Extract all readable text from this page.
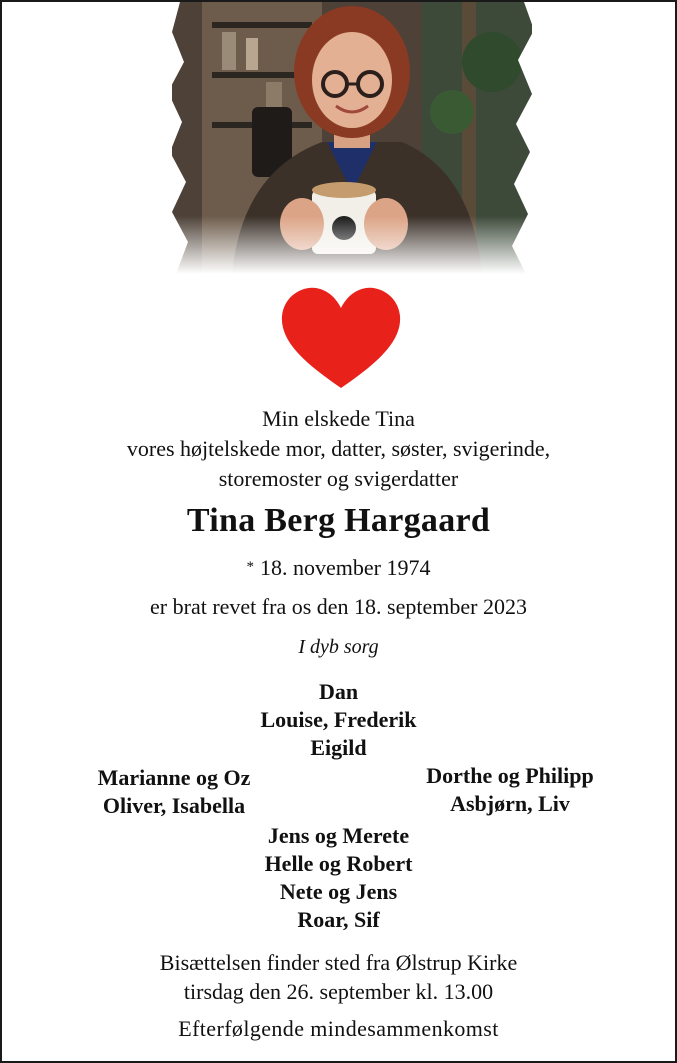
Min elskede Tina
vores højtelskede mor, datter, søster, svigerinde,
storemoster og svigerdatter
Tina Berg Hargaard
* 18. november 1974
er brat revet fra os den 18. september 2023
I dyb sorg
Dan
Louise, Frederik
Eigild
Marianne og Oz
Oliver, Isabella
Dorthe og Philipp
Asbjørn, Liv
Jens og Merete
Helle og Robert
Nete og Jens
Roar, Sif
Bisættelsen finder sted fra Ølstrup Kirke
tirsdag den 26. september kl. 13.00
Efterfølgende mindesammenkomst
